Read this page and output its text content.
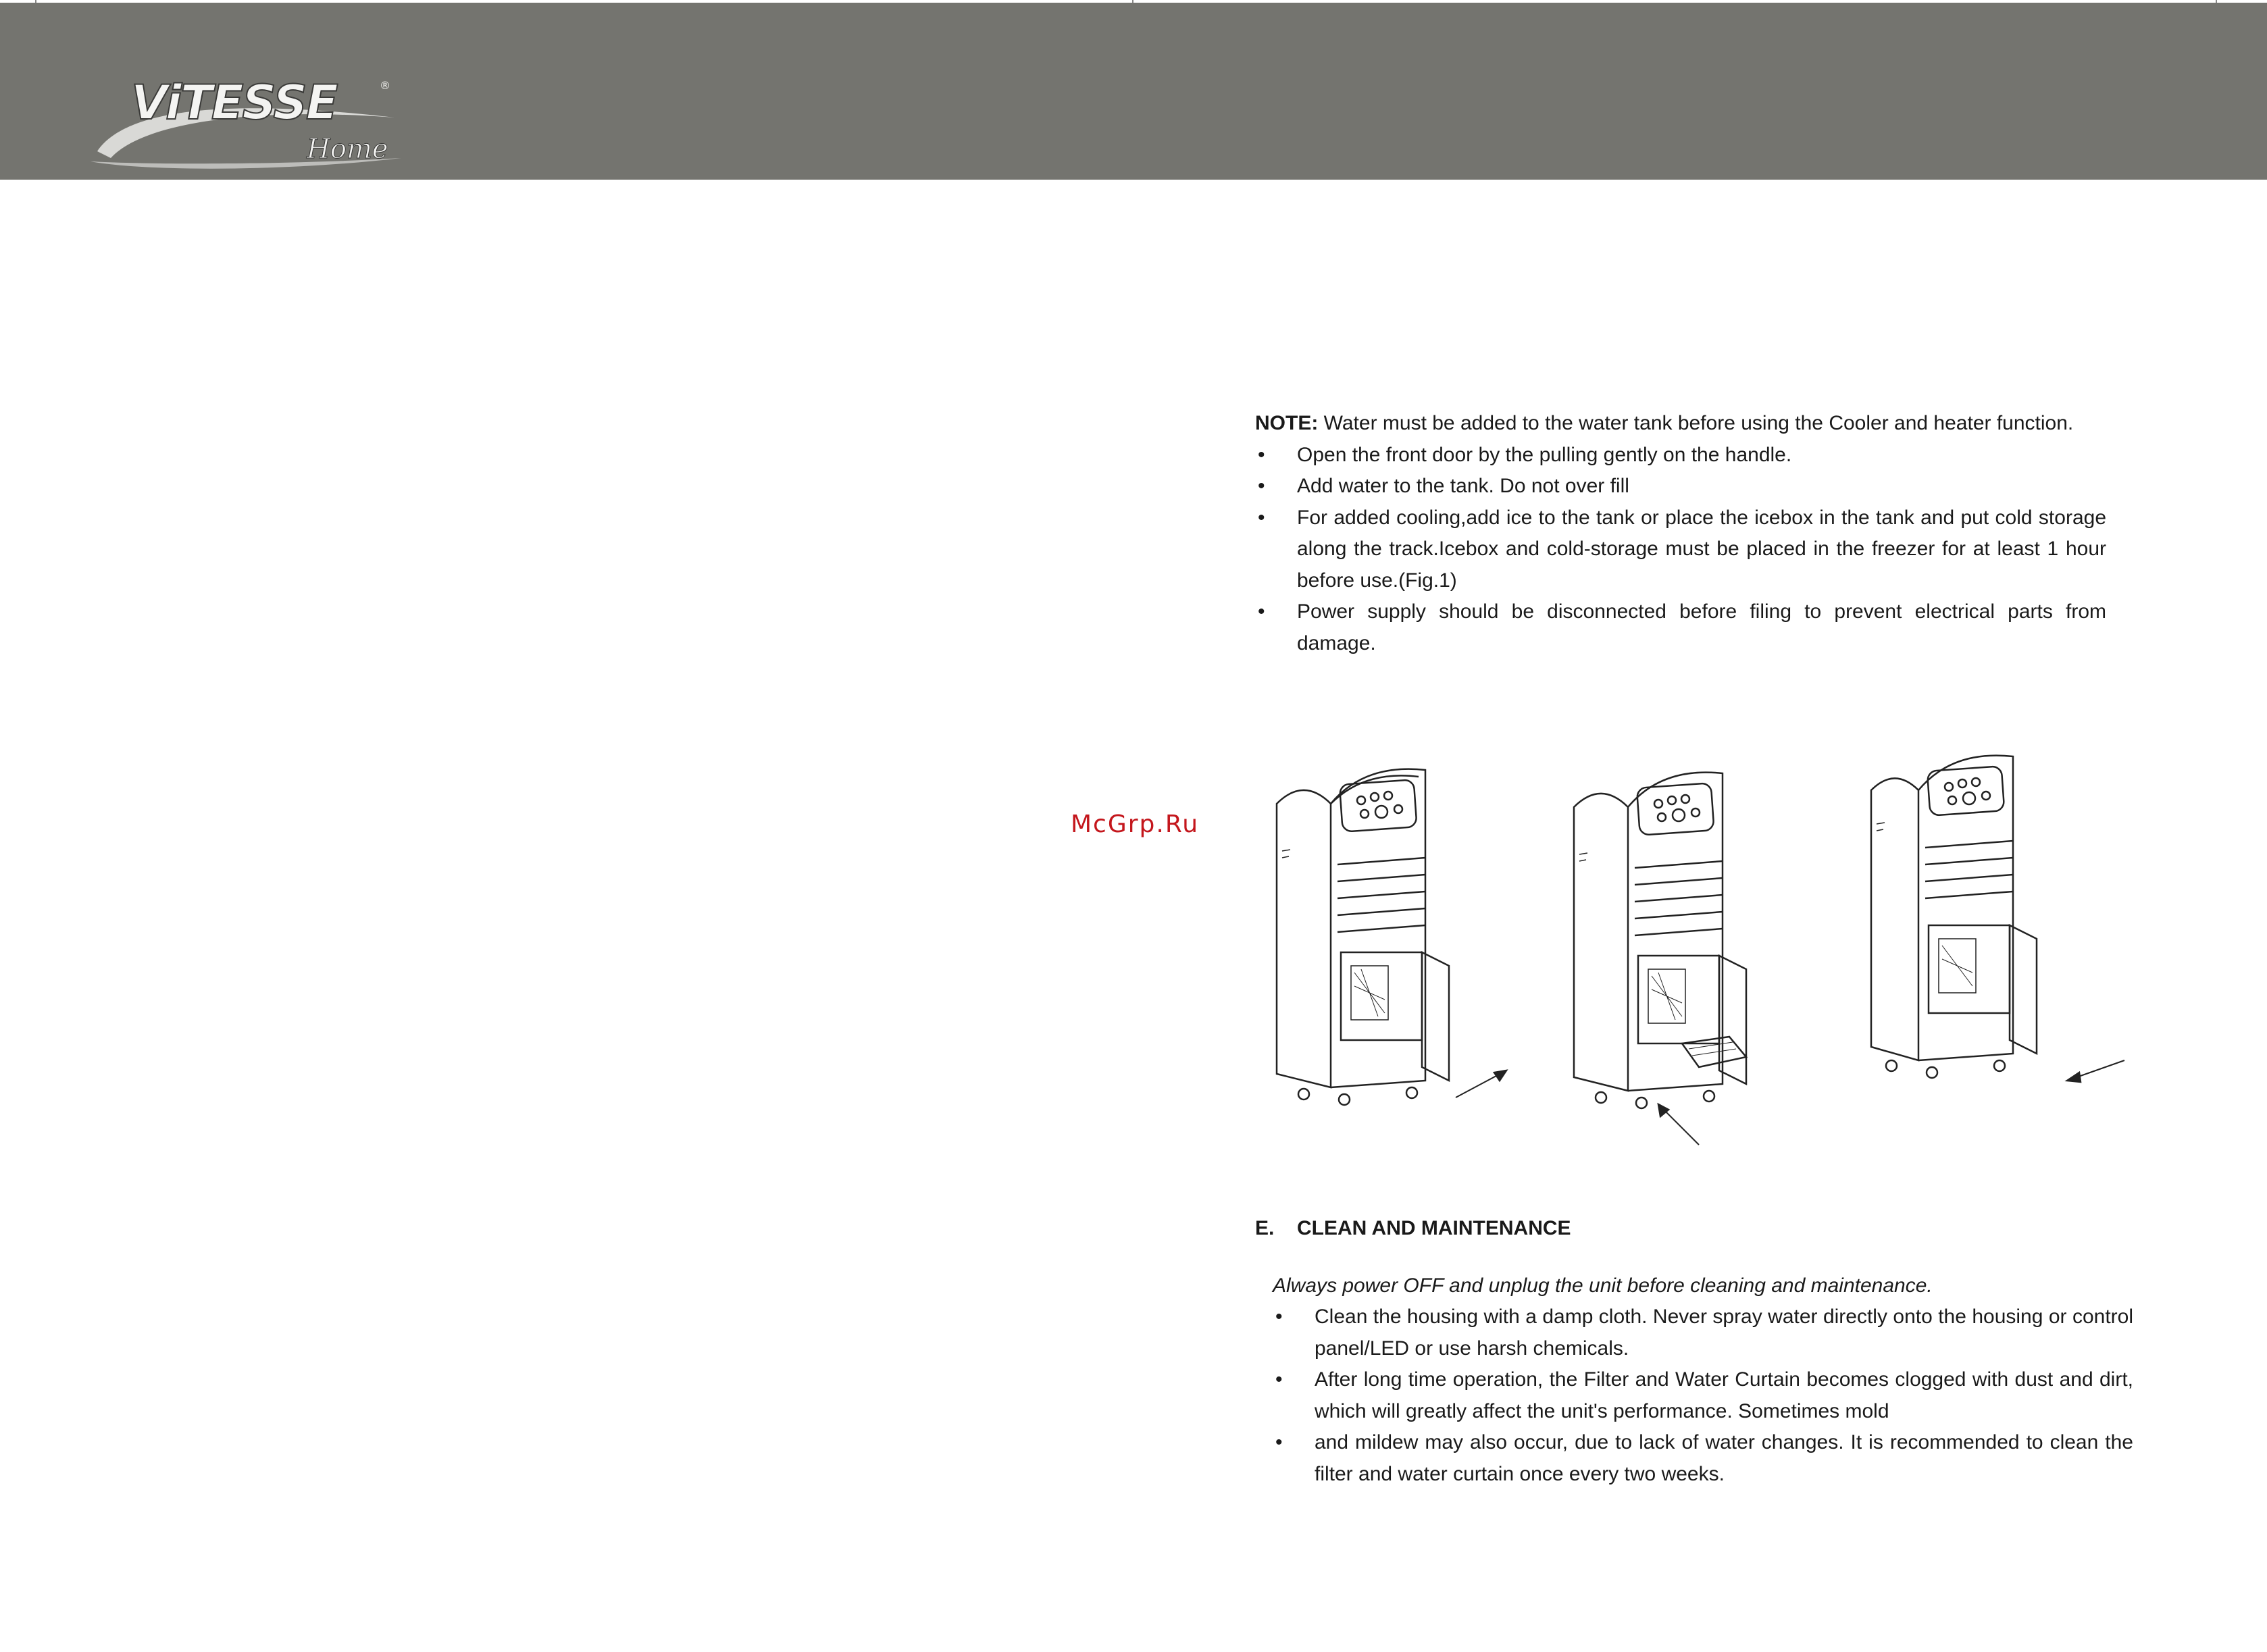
ViTESSE	®
Home
McGrp.Ru

NOTE: Water must be added to the water tank before using the Cooler and heater function.

• Open the front door by the pulling gently on the handle.
• Add water to the tank. Do not over fill
• For added cooling,add ice to the tank or place the icebox in the tank and put cold storage along the track.Icebox and cold-storage must be placed in the freezer for at least 1 hour before use.(Fig.1)
• Power supply should be disconnected before filing to prevent electrical parts from damage.

E. CLEAN AND MAINTENANCE

Always power OFF and unplug the unit before cleaning and maintenance.

• Clean the housing with a damp cloth. Never spray water directly onto the housing or control panel/LED or use harsh chemicals.
• After long time operation, the Filter and Water Curtain becomes clogged with dust and dirt, which will greatly affect the unit's performance. Sometimes mold
• and mildew may also occur, due to lack of water changes. It is recommended to clean the filter and water curtain once every two weeks.
